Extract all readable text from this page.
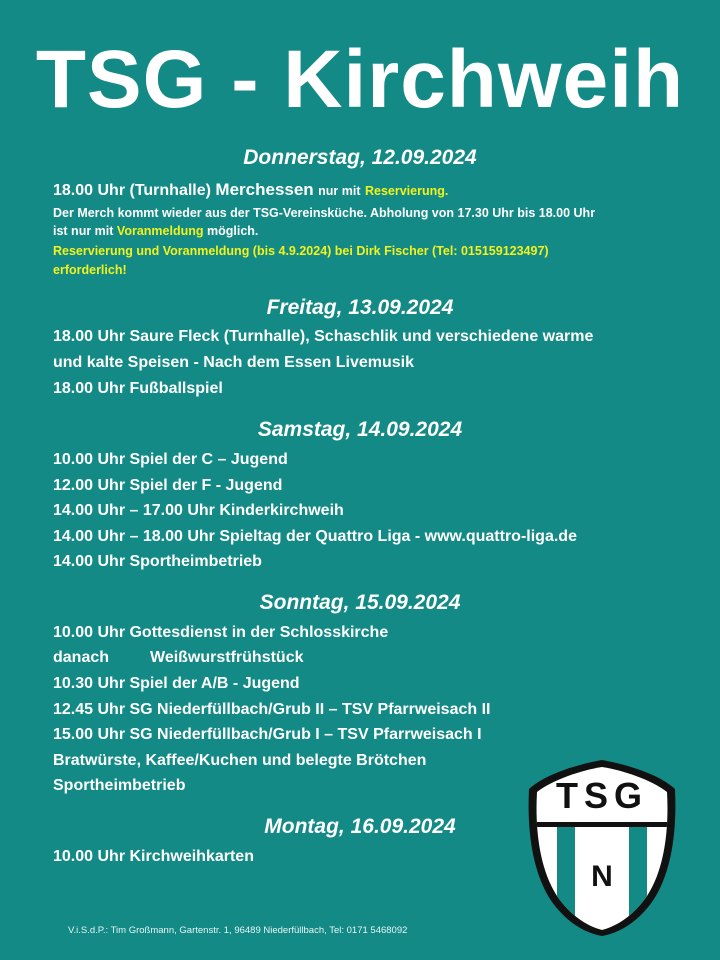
TSG - Kirchweih
Donnerstag, 12.09.2024
18.00 Uhr (Turnhalle) Merchessen nur mit Reservierung.
Der Merch kommt wieder aus der TSG-Vereinsküche. Abholung von 17.30 Uhr bis 18.00 Uhr
ist nur mit Voranmeldung möglich.
Reservierung und Voranmeldung (bis 4.9.2024) bei Dirk Fischer (Tel: 015159123497)
erforderlich!
Freitag, 13.09.2024
18.00 Uhr Saure Fleck (Turnhalle), Schaschlik und verschiedene warme
und kalte Speisen - Nach dem Essen Livemusik
18.00 Uhr Fußballspiel
Samstag, 14.09.2024
10.00 Uhr Spiel der C – Jugend
12.00 Uhr Spiel der F - Jugend
14.00 Uhr – 17.00 Uhr Kinderkirchweih
14.00 Uhr – 18.00 Uhr Spieltag der Quattro Liga - www.quattro-liga.de
14.00 Uhr Sportheimbetrieb
Sonntag, 15.09.2024
10.00 Uhr Gottesdienst in der Schlosskirche
danach	Weißwurstfrühstück
10.30 Uhr Spiel der A/B - Jugend
12.45 Uhr SG Niederfüllbach/Grub II – TSV Pfarrweisach II
15.00 Uhr SG Niederfüllbach/Grub I – TSV Pfarrweisach I
Bratwürste, Kaffee/Kuchen und belegte Brötchen
Sportheimbetrieb
Montag, 16.09.2024
10.00 Uhr Kirchweihkarten
TSG
N
V.i.S.d.P.: Tim Großmann, Gartenstr. 1, 96489 Niederfüllbach, Tel: 0171 5468092
